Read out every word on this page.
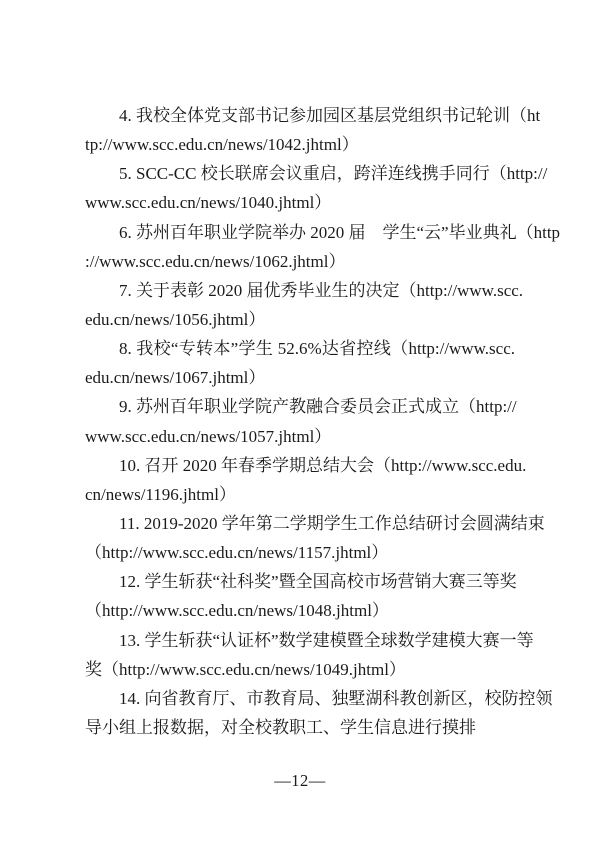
4. 我校全体党支部书记参加园区基层党组织书记轮训（ht
tp://www.scc.edu.cn/news/1042.jhtml）
5. SCC-CC 校长联席会议重启，跨洋连线携手同行（http://
www.scc.edu.cn/news/1040.jhtml）
6. 苏州百年职业学院举办 2020 届　学生“云”毕业典礼（http
://www.scc.edu.cn/news/1062.jhtml）
7. 关于表彰 2020 届优秀毕业生的决定（http://www.scc.
edu.cn/news/1056.jhtml）
8. 我校“专转本”学生 52.6%达省控线（http://www.scc.
edu.cn/news/1067.jhtml）
9. 苏州百年职业学院产教融合委员会正式成立（http://
www.scc.edu.cn/news/1057.jhtml）
10. 召开 2020 年春季学期总结大会（http://www.scc.edu.
cn/news/1196.jhtml）
11. 2019-2020 学年第二学期学生工作总结研讨会圆满结束
（http://www.scc.edu.cn/news/1157.jhtml）
12. 学生斩获“社科奖”暨全国高校市场营销大赛三等奖
（http://www.scc.edu.cn/news/1048.jhtml）
13. 学生斩获“认证杯”数学建模暨全球数学建模大赛一等
奖（http://www.scc.edu.cn/news/1049.jhtml）
14. 向省教育厅、市教育局、独墅湖科教创新区，校防控领
导小组上报数据，对全校教职工、学生信息进行摸排
—12—
